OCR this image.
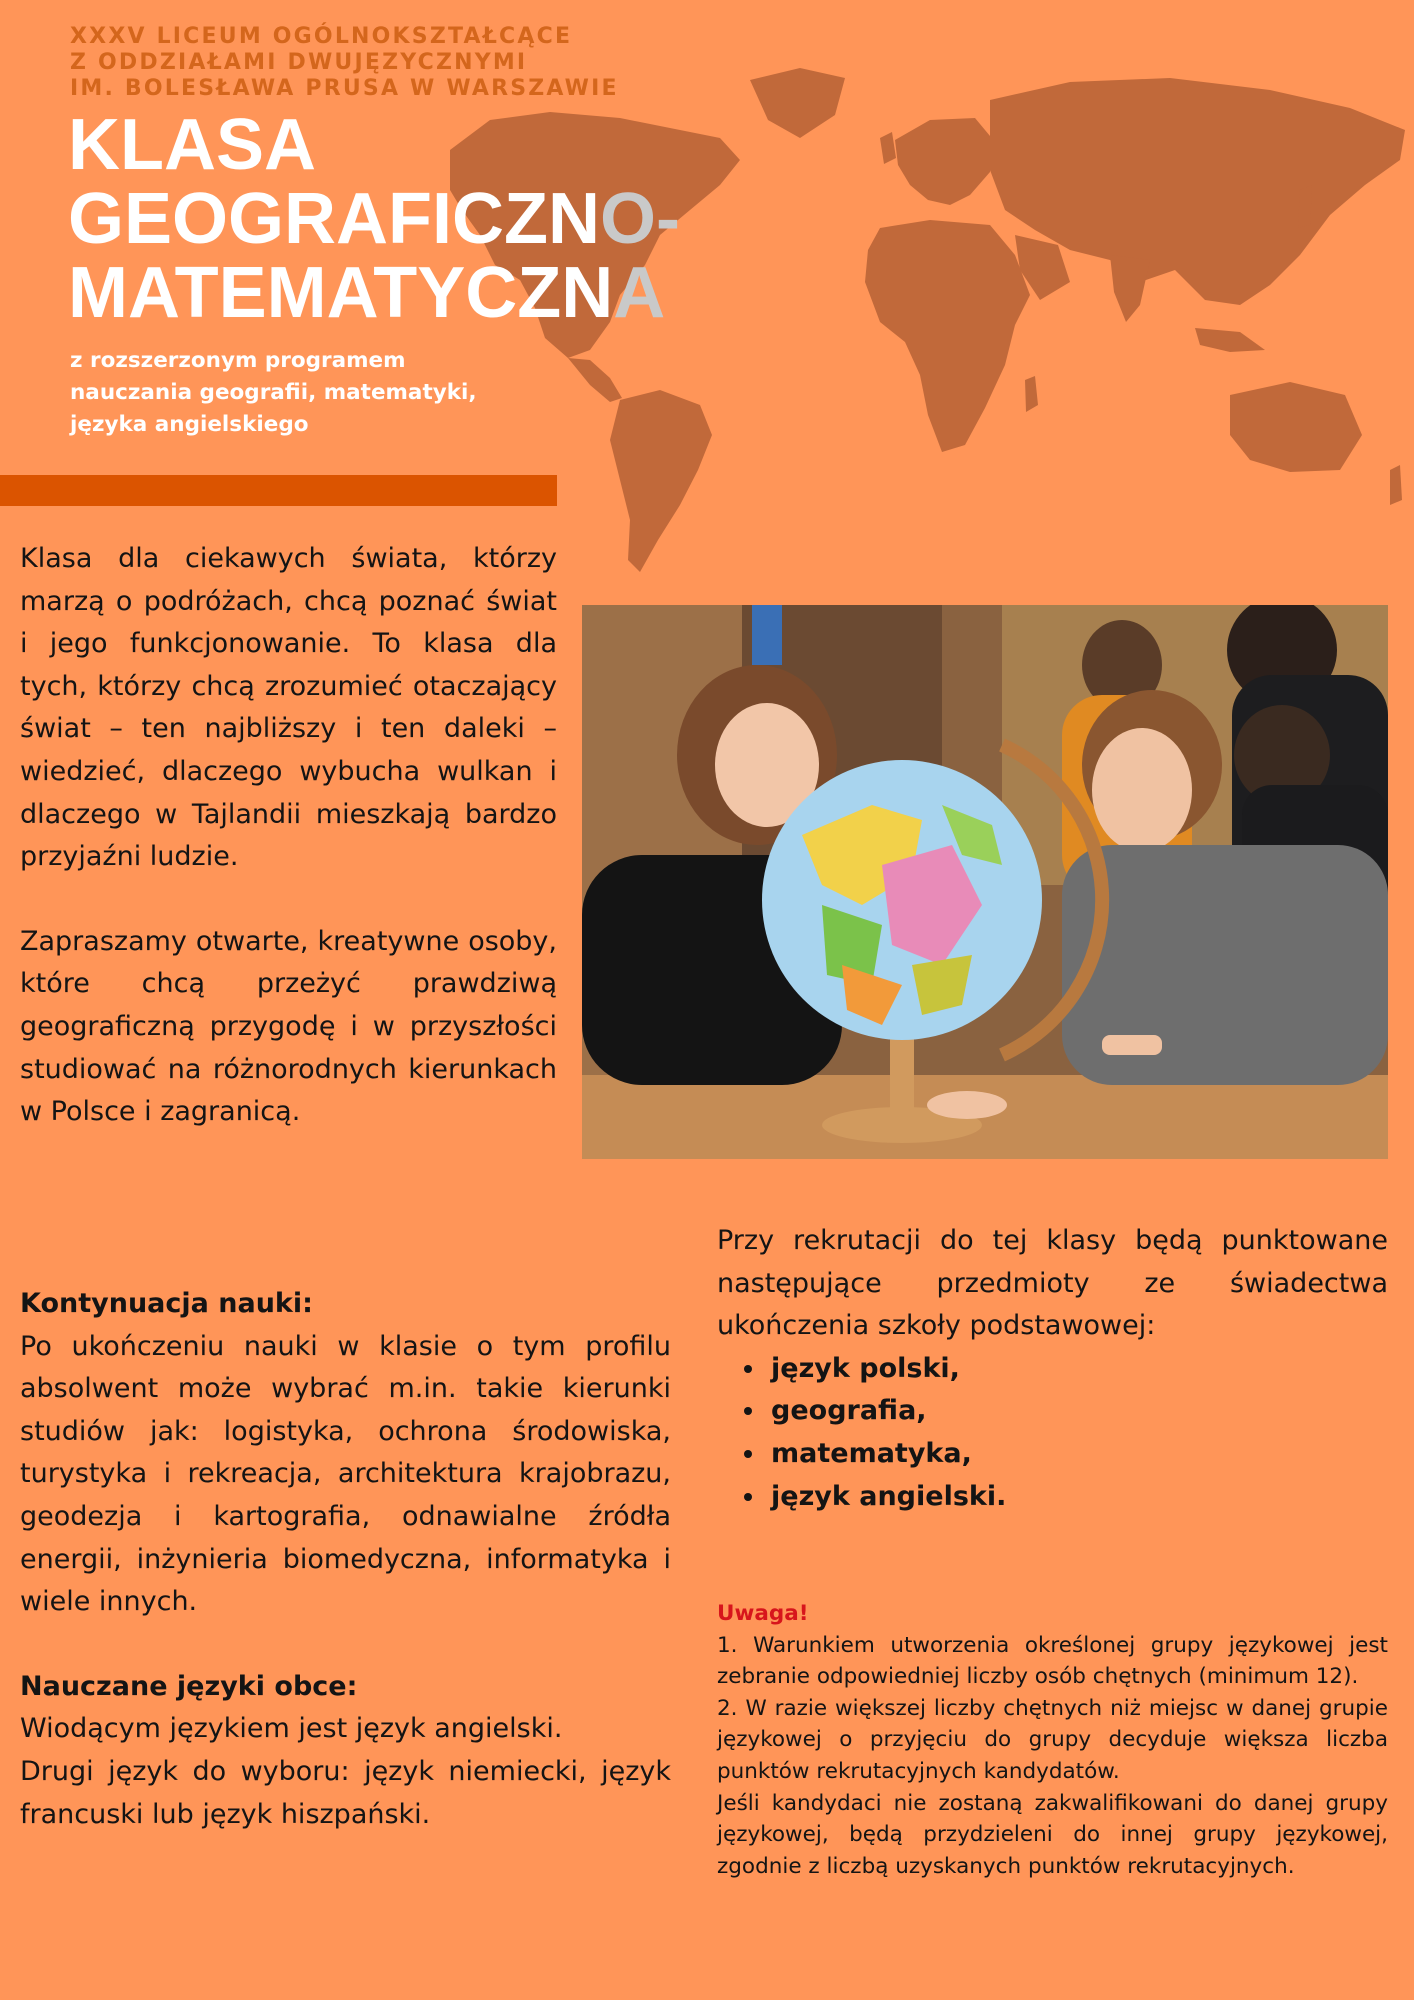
XXXV LICEUM OGÓLNOKSZTAŁCĄCE
Z ODDZIAŁAMI DWUJĘZYCZNYMI
IM. BOLESŁAWA PRUSA W WARSZAWIE
KLASA
GEOGRAFICZNO-
MATEMATYCZNA
z rozszerzonym programem
nauczania geografii, matematyki,
języka angielskiego

Klasa dla ciekawych świata, którzy marzą o podróżach, chcą poznać świat i jego funkcjonowanie. To klasa dla tych, którzy chcą zrozumieć otaczający świat – ten najbliższy i ten daleki – wiedzieć, dlaczego wybucha wulkan i dlaczego w Tajlandii mieszkają bardzo przyjaźni ludzie.

Zapraszamy otwarte, kreatywne osoby, które chcą przeżyć prawdziwą geograficzną przygodę i w przyszłości studiować na różnorodnych kierunkach w Polsce i zagranicą.

Kontynuacja nauki:
Po ukończeniu nauki w klasie o tym profilu absolwent może wybrać m.in. takie kierunki studiów jak: logistyka, ochrona środowiska, turystyka i rekreacja, architektura krajobrazu, geodezja i kartografia, odnawialne źródła energii, inżynieria biomedyczna, informatyka i wiele innych.
Nauczane języki obce:
Wiodącym językiem jest język angielski.
Drugi język do wyboru: język niemiecki, język francuski lub język hiszpański.

Przy rekrutacji do tej klasy będą punktowane następujące przedmioty ze świadectwa ukończenia szkoły podstawowej:

• język polski,
• geografia,
• matematyka,
• język angielski.
Uwaga!

1. Warunkiem utworzenia określonej grupy językowej jest zebranie odpowiedniej liczby osób chętnych (minimum 12).

2. W razie większej liczby chętnych niż miejsc w danej grupie językowej o przyjęciu do grupy decyduje większa liczba punktów rekrutacyjnych kandydatów.

Jeśli kandydaci nie zostaną zakwalifikowani do danej grupy językowej, będą przydzieleni do innej grupy językowej, zgodnie z liczbą uzyskanych punktów rekrutacyjnych.
